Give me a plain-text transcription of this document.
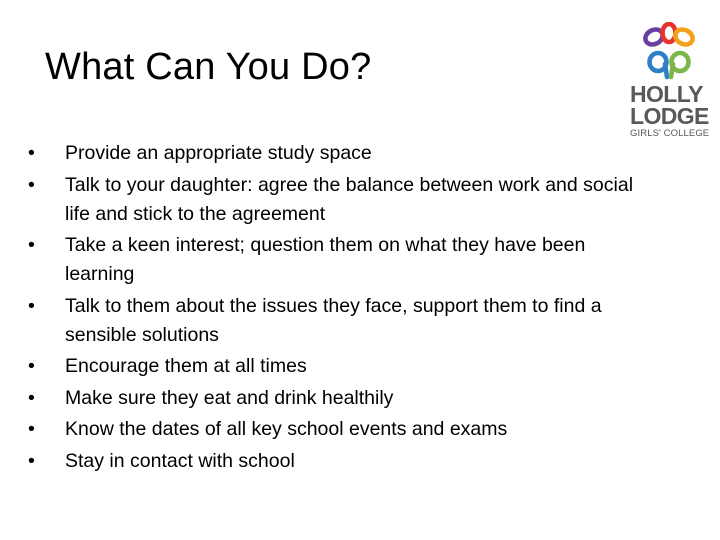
What Can You Do?
•	Provide an appropriate study space
•	Talk to your daughter: agree the balance between work and social life and stick to the agreement
•	Take a keen interest; question them on what they have been learning
•	Talk to them about the issues they face, support them to find a sensible solutions
•	Encourage them at all times
•	Make sure they eat and drink healthily
•	Know the dates of all key school events and exams
•	Stay in contact with school
HOLLY
LODGE
GIRLS' COLLEGE
